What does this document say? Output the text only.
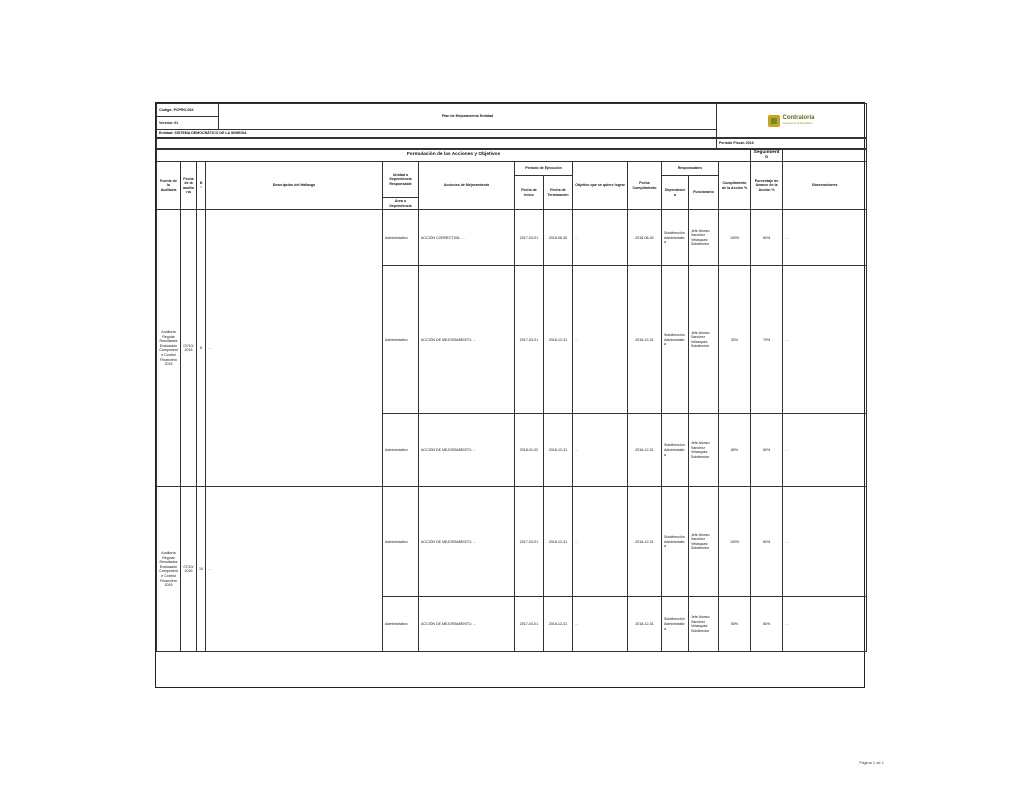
Código: PCPRO-004	Plan de Mejoramiento Entidad	Contraloría
General de la República

Versión: 01
Entidad: SISTEMA DEMOCRÁTICO DE LA SINIEGIA
	Periodo Fiscal: 2016
Formulación de las Acciones y Objetivos													Seguimiento	
Fuente de la Auditoría	Fecha de la auditoría	N°	Descripción del Hallazgo	Unidad o Dependencia Responsable	Acciones de Mejoramiento	Periodo de Ejecución		Objetivo que se quiere lograr	Fecha Cumplimiento	Responsables		Cumplimiento de la Acción %	Porcentaje de Avance de la Acción %	Observaciones
						Fecha de Inicio	Fecha de Terminación			Dependencia	Funcionario			
				Área o Dependencia										
Auditoría Regular Resultados Evaluación Componente Control Financiero 2015	07/10/2016	8	…	Administrativo	ACCIÓN CORRECTIVA: …	2017-03-01	2018-06-30	…	2018-06-30	Subdirección Administrativa	Jefe Alonso Sanchez Velasquez Subdirector	100%	80%	…
				Administrativo	ACCIÓN DE MEJORAMIENTO: …	2017-03-01	2018-12-31	…	2018-12-31	Subdirección Administrativa	Jefe Alonso Sanchez Velasquez Subdirector	30%	70%	…
				Administrativo	ACCIÓN DE MEJORAMIENTO: …	2018-01-02	2018-12-31	…	2018-12-31	Subdirección Administrativa	Jefe Alonso Sanchez Velasquez Subdirector	80%	80%	…
Auditoría Regular Resultados Evaluación Componente Control Financiero 2015	07/10/2016	10	…	Administrativo	ACCIÓN DE MEJORAMIENTO: …	2017-03-01	2018-12-31	…	2018-12-31	Subdirección Administrativa	Jefe Alonso Sanchez Velasquez Subdirector	100%	80%	…
				Administrativo	ACCIÓN DE MEJORAMIENTO: …	2017-03-01	2018-12-31	…	2018-12-31	Subdirección Administrativa	Jefe Alonso Sanchez Velasquez Subdirector	50%	80%	…
Página 1 de 1
